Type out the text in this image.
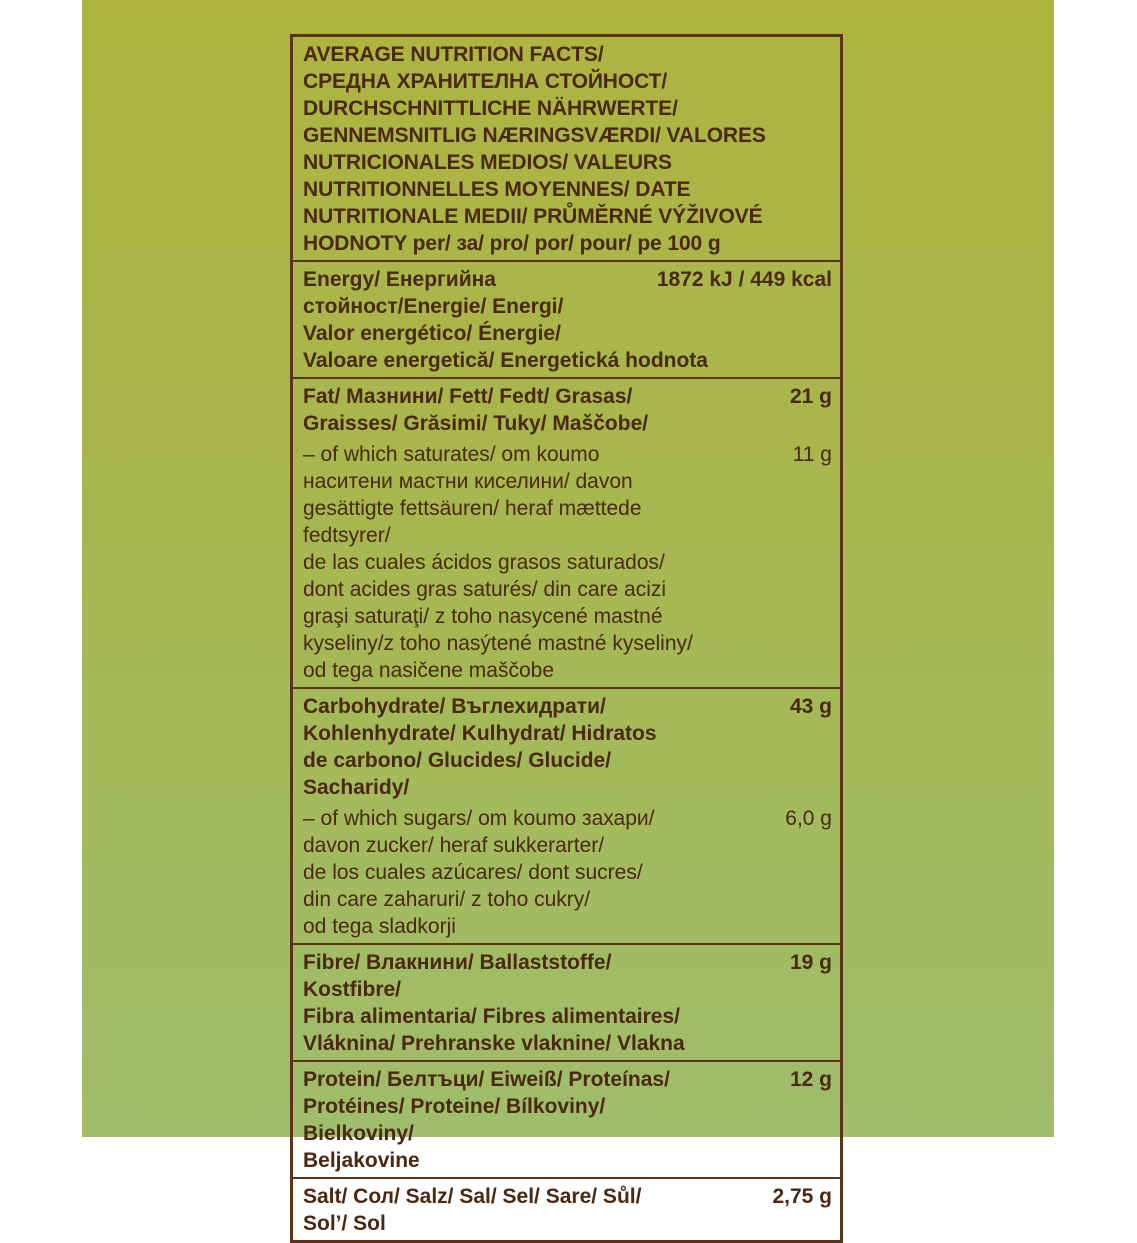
AVERAGE NUTRITION FACTS/
СРЕДНА ХРАНИТЕЛНА СТОЙНОСТ/
DURCHSCHNITTLICHE NÄHRWERTE/
GENNEMSNITLIG NÆRINGSVÆRDI/ VALORES
NUTRICIONALES MEDIOS/ VALEURS
NUTRITIONNELLES MOYENNES/ DATE
NUTRITIONALE MEDII/ PRŮMĚRNÉ VÝŽIVOVÉ
HODNOTY per/ за/ pro/ por/ pour/ pe 100 g
Energy/ Енергийна
стойност/Energie/ Energi/
Valor energético/ Énergie/
Valoare energetică/ Energetická hodnota
1872 kJ / 449 kcal
Fat/ Мазнини/ Fett/ Fedt/ Grasas/
Graisses/ Grăsimi/ Tuky/ Maščobe/
21 g
– of which saturates/ om koumo
наситени мастни киселини/ davon
gesättigte fettsäuren/ heraf mættede fedtsyrer/
de las cuales ácidos grasos saturados/
dont acides gras saturés/ din care acizi
graşi saturaţi/ z toho nasycené mastné
kyseliny/z toho nasýtené mastné kyseliny/
od tega nasičene maščobe
11 g
Carbohydrate/ Въглехидрати/
Kohlenhydrate/ Kulhydrat/ Hidratos
de carbono/ Glucides/ Glucide/ Sacharidy/
43 g
– of which sugars/ om koumo захари/
davon zucker/ heraf sukkerarter/
de los cuales azúcares/ dont sucres/
din care zaharuri/ z toho cukry/
od tega sladkorji
6,0 g
Fibre/ Влакнини/ Ballaststoffe/ Kostfibre/
Fibra alimentaria/ Fibres alimentaires/
Vláknina/ Prehranske vlaknine/ Vlakna
19 g
Protein/ Белтъци/ Eiweiß/ Proteínas/
Protéines/ Proteine/ Bílkoviny/ Bielkoviny/
Beljakovine
12 g
Salt/ Сол/ Salz/ Sal/ Sel/ Sare/ Sůl/
Sol’/ Sol
2,75 g
